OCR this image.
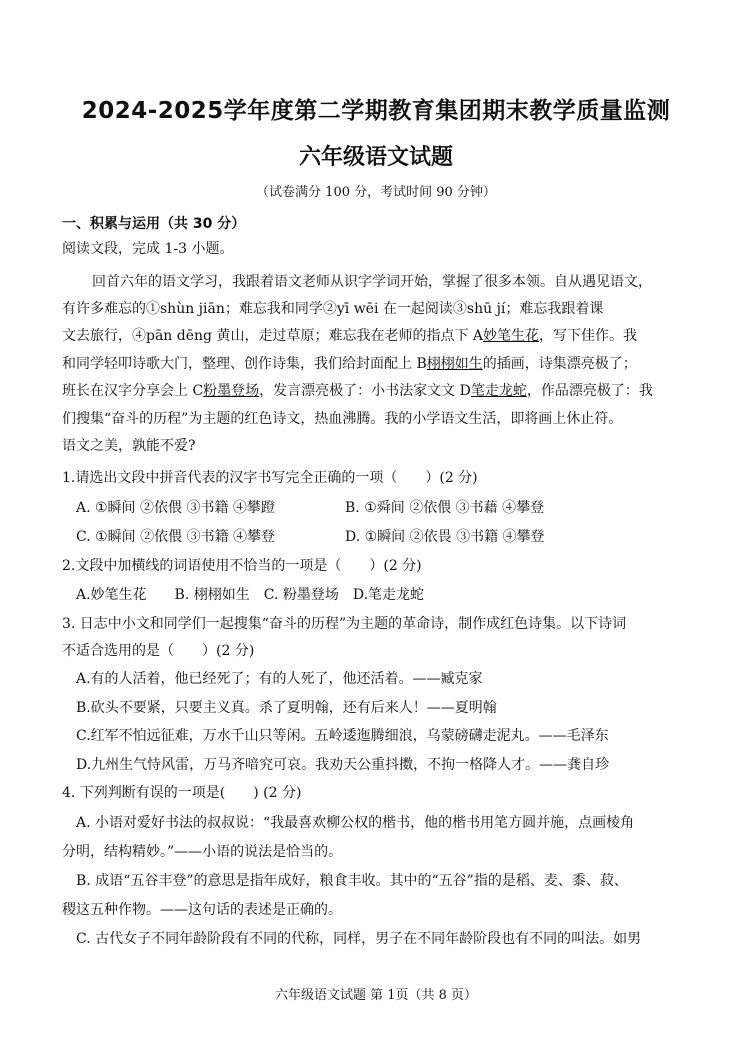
2024-2025学年度第二学期教育集团期末教学质量监测
六年级语文试题
（试卷满分 100 分，考试时间 90 分钟）
一、积累与运用（共 30 分）
阅读文段，完成 1-3 小题。
回首六年的语文学习，我跟着语文老师从识字学词开始，掌握了很多本领。自从遇见语文，
有许多难忘的①shùn jiān；难忘我和同学②yī wēi 在一起阅读③shū jí；难忘我跟着课
文去旅行，④pān dēng 黄山，走过草原；难忘我在老师的指点下 A妙笔生花，写下佳作。我
和同学轻叩诗歌大门，整理、创作诗集，我们给封面配上 B栩栩如生的插画，诗集漂亮极了；
班长在汉字分享会上 C粉墨登场，发言漂亮极了：小书法家文文 D笔走龙蛇，作品漂亮极了：我
们搜集“奋斗的历程”为主题的红色诗文，热血沸腾。我的小学语文生活，即将画上休止符。
语文之美，孰能不爱?
1.请选出文段中拼音代表的汉字书写完全正确的一项（　　）(2 分)
A. ①瞬间 ②依偎 ③书籍 ④攀蹬	B. ①舜间 ②依偎 ③书藉 ④攀登
C. ①瞬间 ②依偎 ③书籍 ④攀登	D. ①瞬间 ②依畏 ③书籍 ④攀登
2.文段中加横线的词语使用不恰当的一项是（　　）(2 分)
A.妙笔生花　　B. 栩栩如生　C. 粉墨登场　D.笔走龙蛇
3. 日志中小文和同学们一起搜集“奋斗的历程”为主题的革命诗，制作成红色诗集。以下诗词
不适合选用的是（　　）(2 分)
A.有的人活着，他已经死了；有的人死了，他还活着。——臧克家
B.砍头不要紧，只要主义真。杀了夏明翰，还有后来人！——夏明翰
C.红军不怕远征难，万水千山只等闲。五岭逶迤腾细浪，乌蒙磅礴走泥丸。——毛泽东
D.九州生气恃风雷，万马齐喑究可哀。我劝天公重抖擞，不拘一格降人才。——龚自珍
4. 下列判断有误的一项是(　　) (2 分)
A. 小语对爱好书法的叔叔说：“我最喜欢柳公权的楷书，他的楷书用笔方圆并施，点画棱角
分明，结构精妙。”——小语的说法是恰当的。
B. 成语“五谷丰登”的意思是指年成好，粮食丰收。其中的“五谷”指的是稻、麦、黍、菽、
稷这五种作物。——这句话的表述是正确的。
C. 古代女子不同年龄阶段有不同的代称，同样，男子在不同年龄阶段也有不同的叫法。如男
六年级语文试题 第 1页（共 8 页）
